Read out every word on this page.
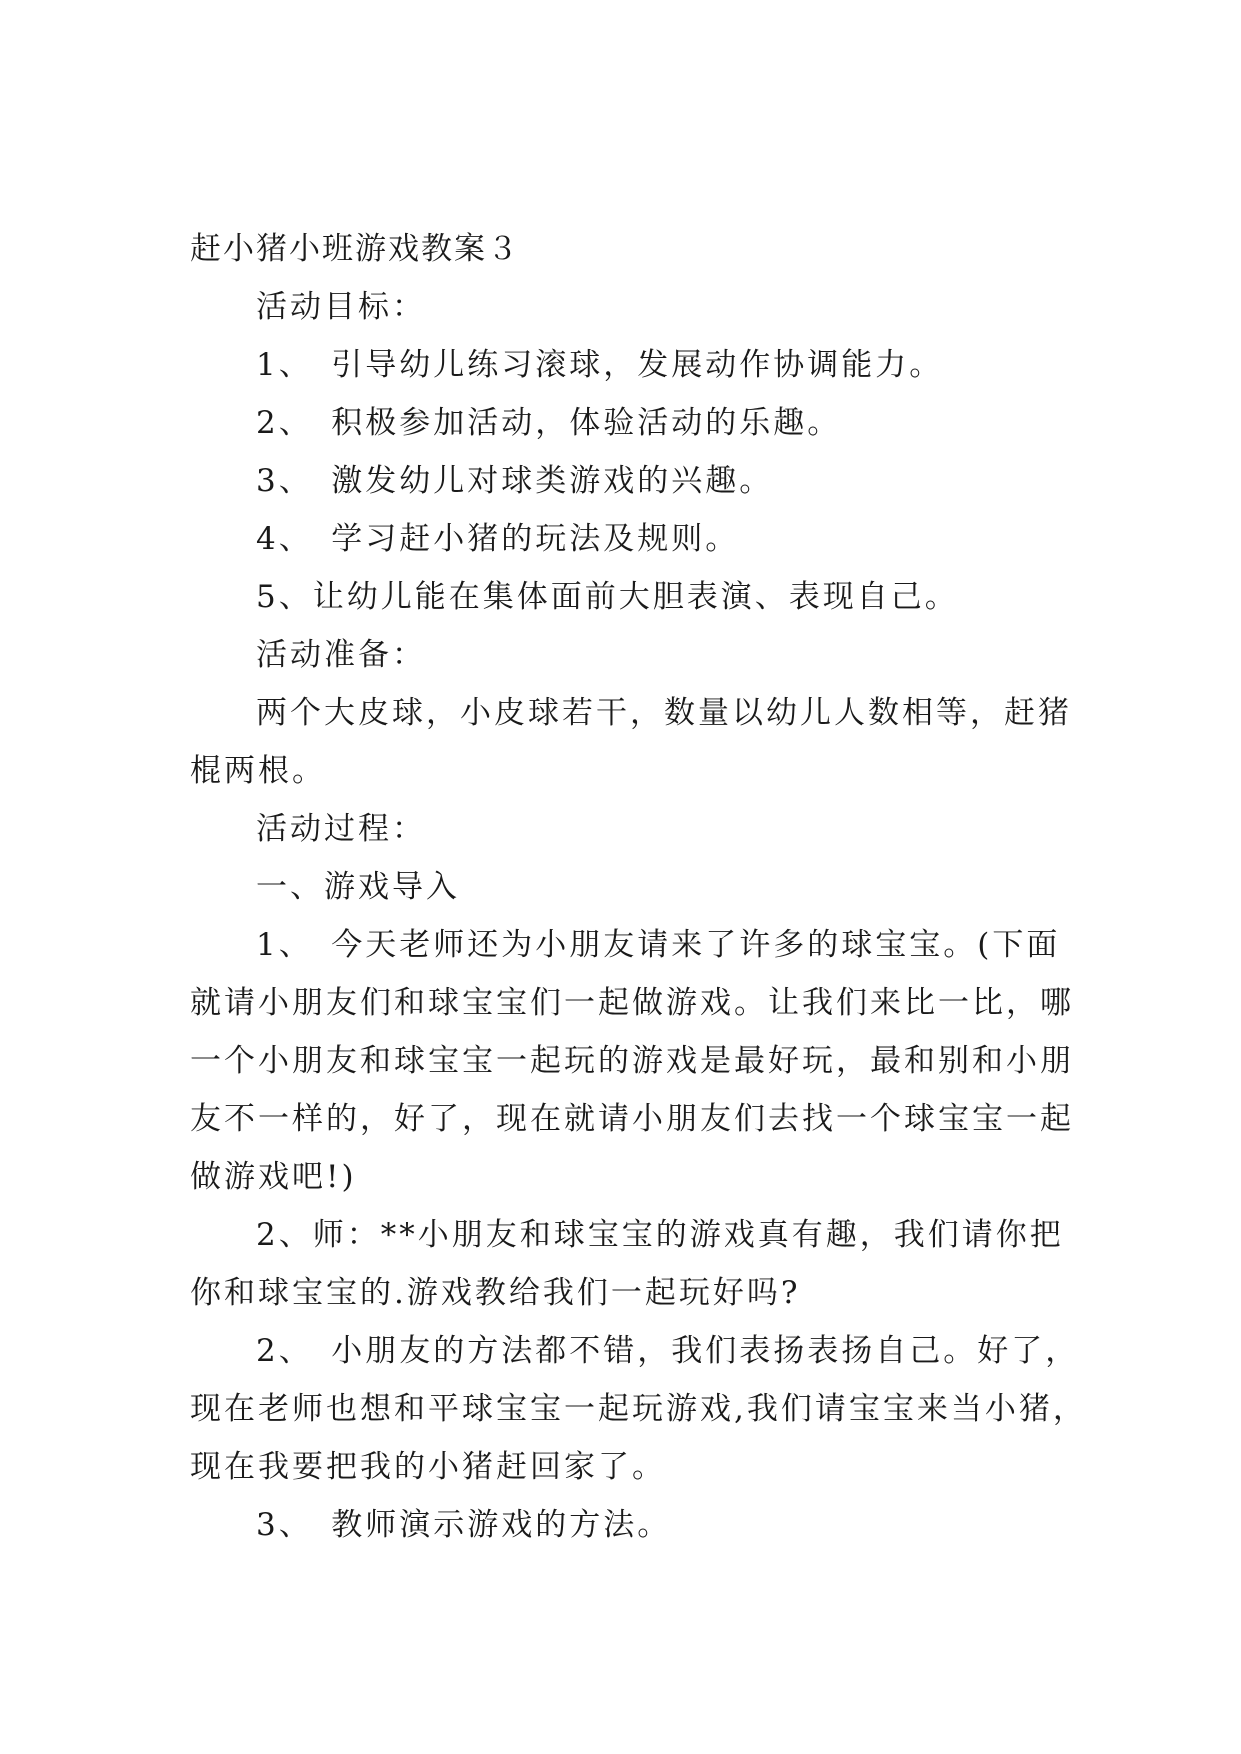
赶小猪小班游戏教案３
活动目标：
1、　引导幼儿练习滚球，发展动作协调能力。
2、　积极参加活动，体验活动的乐趣。
3、　激发幼儿对球类游戏的兴趣。
4、　学习赶小猪的玩法及规则。
5、让幼儿能在集体面前大胆表演、表现自己。
活动准备：
两个大皮球，小皮球若干，数量以幼儿人数相等，赶猪
棍两根。
活动过程：
一、游戏导入
1、　今天老师还为小朋友请来了许多的球宝宝。(下面
就请小朋友们和球宝宝们一起做游戏。让我们来比一比，哪
一个小朋友和球宝宝一起玩的游戏是最好玩，最和别和小朋
友不一样的，好了，现在就请小朋友们去找一个球宝宝一起
做游戏吧!)
2、师：**小朋友和球宝宝的游戏真有趣，我们请你把
你和球宝宝的.游戏教给我们一起玩好吗?
2、　小朋友的方法都不错，我们表扬表扬自己。好了，
现在老师也想和平球宝宝一起玩游戏,我们请宝宝来当小猪，
现在我要把我的小猪赶回家了。
3、　教师演示游戏的方法。
